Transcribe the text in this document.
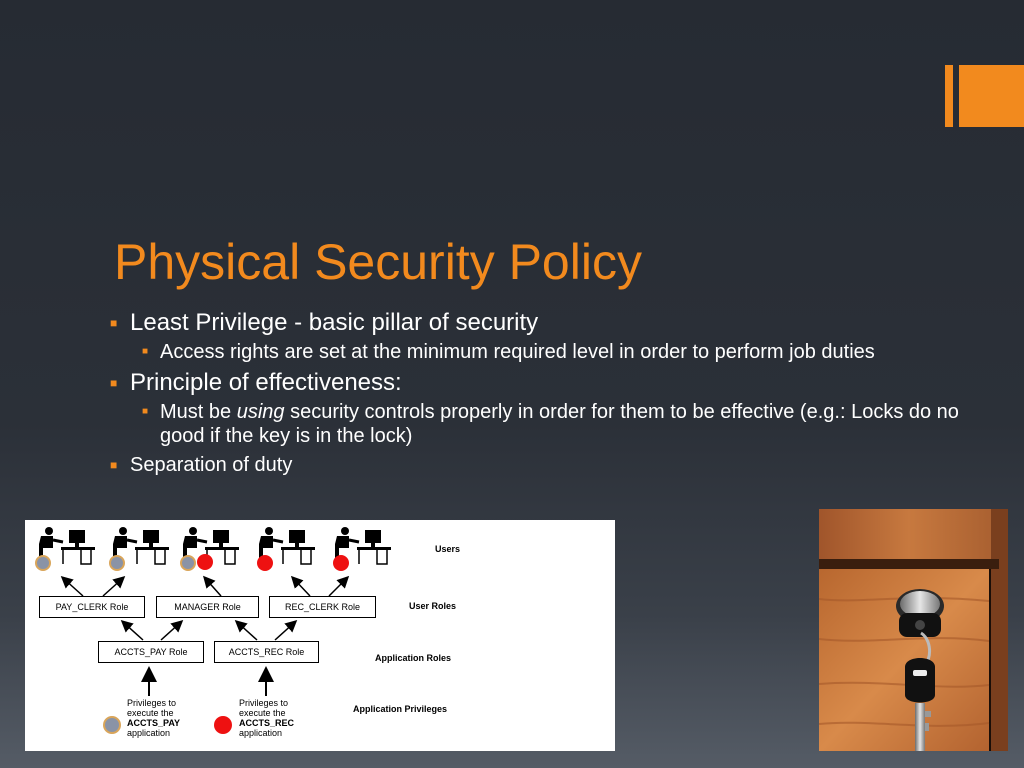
Physical Security Policy
■ Least Privilege - basic pillar of security
■ Access rights are set at the minimum required level in order to perform job duties
■ Principle of effectiveness:
■ Must be using security controls properly in order for them to be effective (e.g.: Locks do no good if the key is in the lock)
■ Separation of duty
Users
User Roles
Application Roles
Application Privileges
PAY_CLERK Role	MANAGER Role	REC_CLERK Role
ACCTS_PAY Role	ACCTS_REC Role
Privileges to
execute the
ACCTS_PAY
application
Privileges to
execute the
ACCTS_REC
application
